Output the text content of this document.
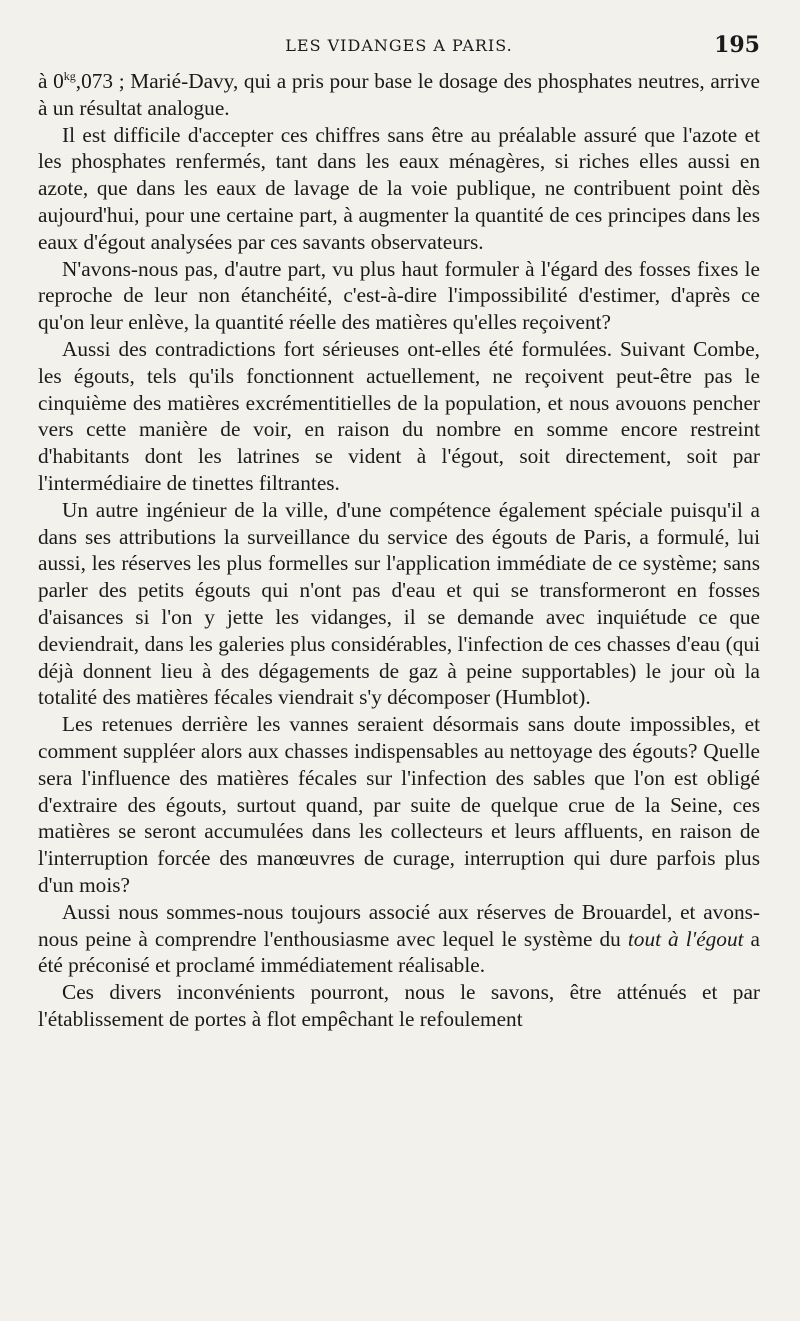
LES VIDANGES A PARIS.	195

à $0^{kg},073$ ; Marié-Davy, qui a pris pour base le dosage des phosphates neutres, arrive à un résultat analogue.

Il est difficile d'accepter ces chiffres sans être au préalable assuré que l'azote et les phosphates renfermés, tant dans les eaux ménagères, si riches elles aussi en azote, que dans les eaux de lavage de la voie publique, ne contribuent point dès aujourd'hui, pour une certaine part, à augmenter la quantité de ces principes dans les eaux d'égout analysées par ces savants observateurs.

N'avons-nous pas, d'autre part, vu plus haut formuler à l'égard des fosses fixes le reproche de leur non étanchéité, c'est-à-dire l'impossibilité d'estimer, d'après ce qu'on leur enlève, la quantité réelle des matières qu'elles reçoivent?

Aussi des contradictions fort sérieuses ont-elles été formulées. Suivant Combe, les égouts, tels qu'ils fonctionnent actuellement, ne reçoivent peut-être pas le cinquième des matières excrémentitielles de la population, et nous avouons pencher vers cette manière de voir, en raison du nombre en somme encore restreint d'habitants dont les latrines se vident à l'égout, soit directement, soit par l'intermédiaire de tinettes filtrantes.

Un autre ingénieur de la ville, d'une compétence également spéciale puisqu'il a dans ses attributions la surveillance du service des égouts de Paris, a formulé, lui aussi, les réserves les plus formelles sur l'application immédiate de ce système; sans parler des petits égouts qui n'ont pas d'eau et qui se transformeront en fosses d'aisances si l'on y jette les vidanges, il se demande avec inquiétude ce que deviendrait, dans les galeries plus considérables, l'infection de ces chasses d'eau (qui déjà donnent lieu à des dégagements de gaz à peine supportables) le jour où la totalité des matières fécales viendrait s'y décomposer (Humblot).

Les retenues derrière les vannes seraient désormais sans doute impossibles, et comment suppléer alors aux chasses indispensables au nettoyage des égouts? Quelle sera l'influence des matières fécales sur l'infection des sables que l'on est obligé d'extraire des égouts, surtout quand, par suite de quelque crue de la Seine, ces matières se seront accumulées dans les collecteurs et leurs affluents, en raison de l'interruption forcée des manœuvres de curage, interruption qui dure parfois plus d'un mois?

Aussi nous sommes-nous toujours associé aux réserves de Brouardel, et avons-nous peine à comprendre l'enthousiasme avec lequel le système du tout à l'égout a été préconisé et proclamé immédiatement réalisable.

Ces divers inconvénients pourront, nous le savons, être atténués et par l'établissement de portes à flot empêchant le refoulement
